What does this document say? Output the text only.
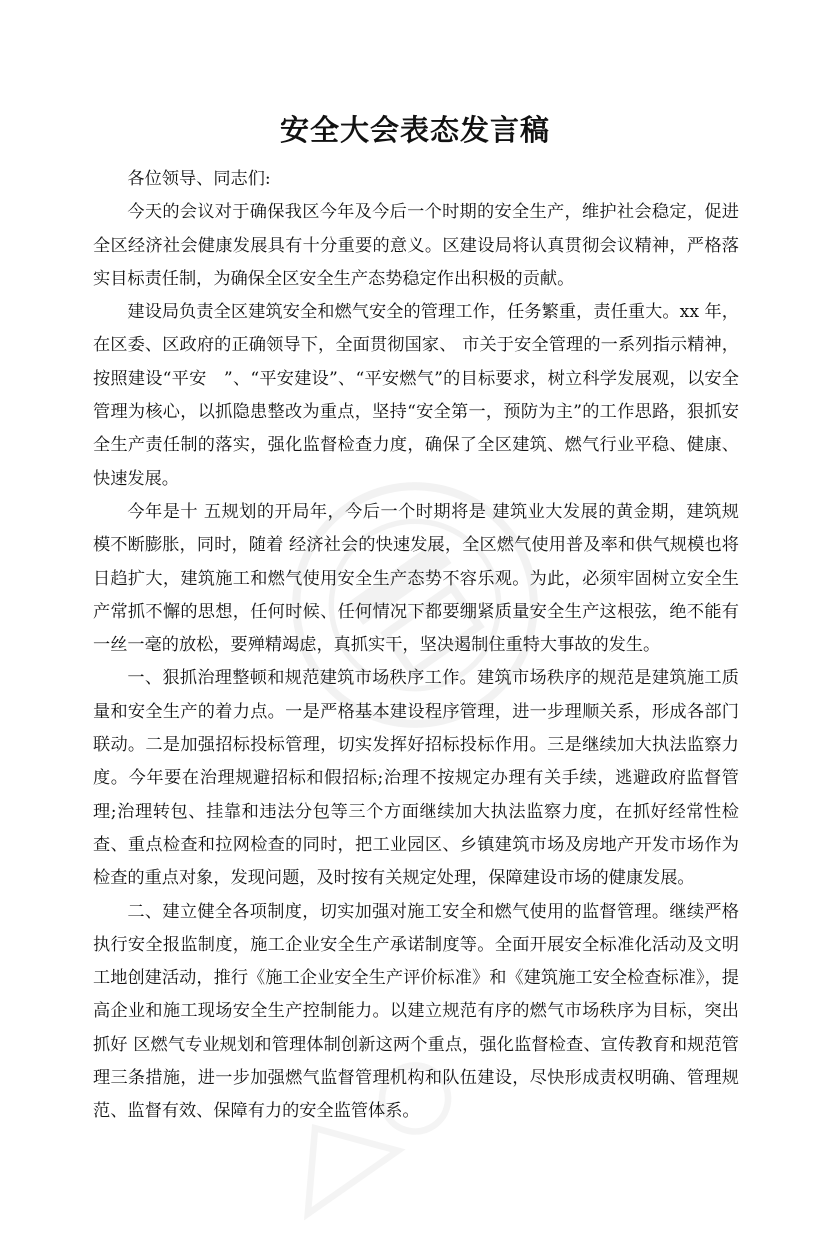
安全大会表态发言稿

各位领导、同志们:

今天的会议对于确保我区今年及今后一个时期的安全生产，维护社会稳定，促进全区经济社会健康发展具有十分重要的意义。区建设局将认真贯彻会议精神，严格落实目标责任制，为确保全区安全生产态势稳定作出积极的贡献。

建设局负责全区建筑安全和燃气安全的管理工作，任务繁重，责任重大。xx 年，在区委、区政府的正确领导下，全面贯彻国家、 市关于安全管理的一系列指示精神，按照建设“平安　”、“平安建设”、“平安燃气”的目标要求，树立科学发展观，以安全管理为核心，以抓隐患整改为重点，坚持“安全第一，预防为主”的工作思路，狠抓安全生产责任制的落实，强化监督检查力度，确保了全区建筑、燃气行业平稳、健康、快速发展。

今年是十 五规划的开局年，今后一个时期将是 建筑业大发展的黄金期，建筑规模不断膨胀，同时，随着 经济社会的快速发展，全区燃气使用普及率和供气规模也将日趋扩大，建筑施工和燃气使用安全生产态势不容乐观。为此，必须牢固树立安全生产常抓不懈的思想，任何时候、任何情况下都要绷紧质量安全生产这根弦，绝不能有一丝一毫的放松，要殚精竭虑，真抓实干，坚决遏制住重特大事故的发生。

一、狠抓治理整顿和规范建筑市场秩序工作。建筑市场秩序的规范是建筑施工质量和安全生产的着力点。一是严格基本建设程序管理，进一步理顺关系，形成各部门联动。二是加强招标投标管理，切实发挥好招标投标作用。三是继续加大执法监察力度。今年要在治理规避招标和假招标;治理不按规定办理有关手续，逃避政府监督管理;治理转包、挂靠和违法分包等三个方面继续加大执法监察力度，在抓好经常性检查、重点检查和拉网检查的同时，把工业园区、乡镇建筑市场及房地产开发市场作为检查的重点对象，发现问题，及时按有关规定处理，保障建设市场的健康发展。

二、建立健全各项制度，切实加强对施工安全和燃气使用的监督管理。继续严格执行安全报监制度，施工企业安全生产承诺制度等。全面开展安全标准化活动及文明工地创建活动，推行《施工企业安全生产评价标准》和《建筑施工安全检查标准》，提高企业和施工现场安全生产控制能力。以建立规范有序的燃气市场秩序为目标，突出抓好 区燃气专业规划和管理体制创新这两个重点，强化监督检查、宣传教育和规范管理三条措施，进一步加强燃气监督管理机构和队伍建设，尽快形成责权明确、管理规范、监督有效、保障有力的安全监管体系。
